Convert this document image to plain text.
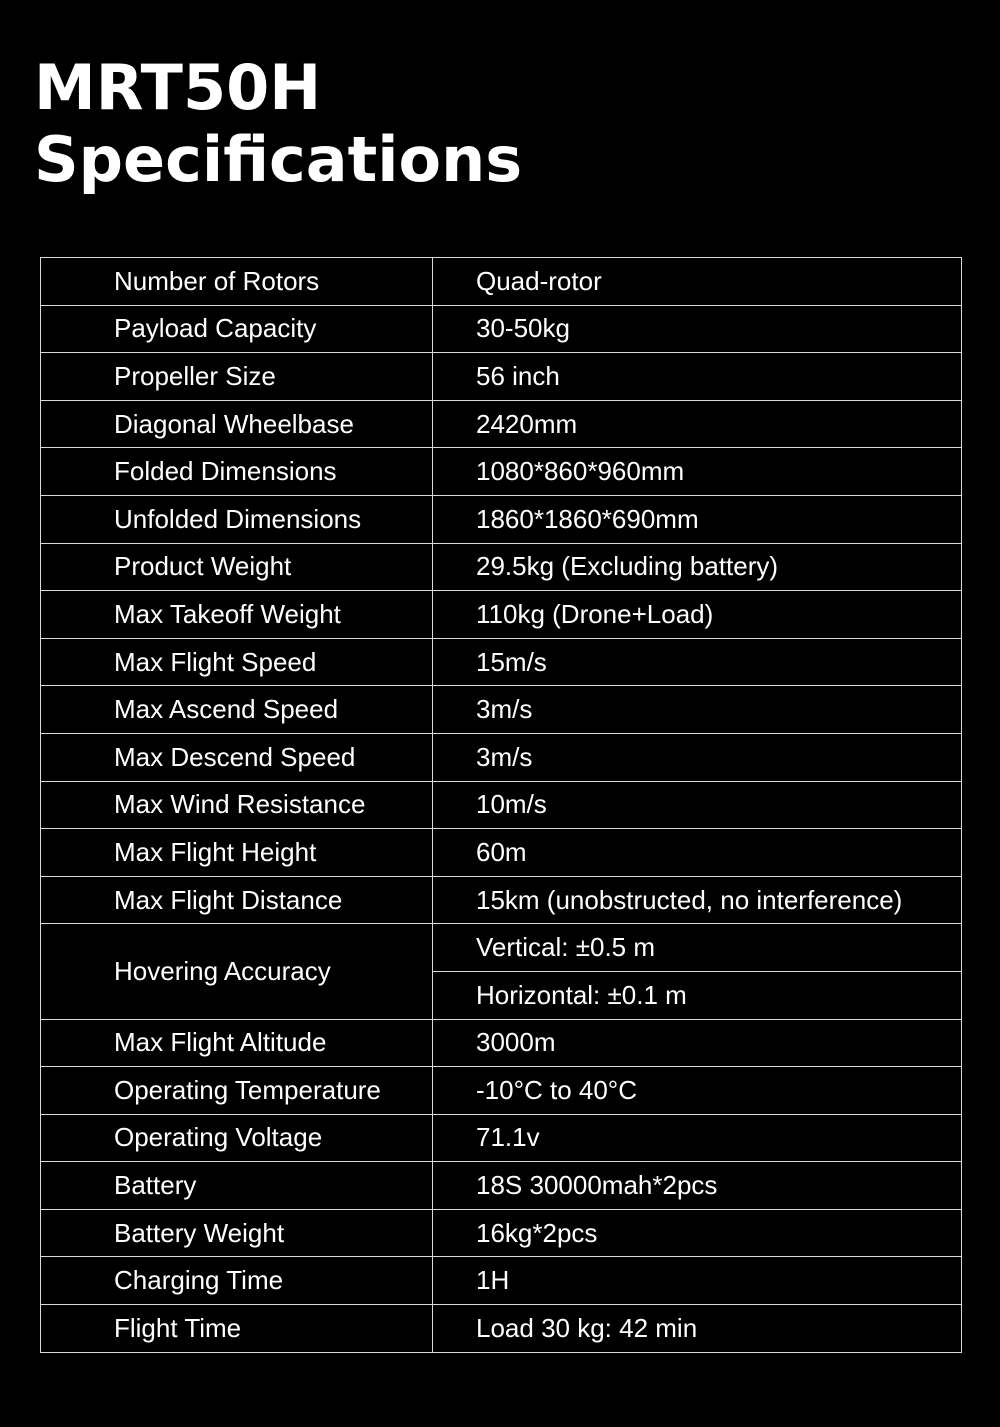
MRT50H
Specifications
Number of Rotors	Quad-rotor
Payload Capacity	30-50kg
Propeller Size	56 inch
Diagonal Wheelbase	2420mm
Folded Dimensions	1080*860*960mm
Unfolded Dimensions	1860*1860*690mm
Product Weight	29.5kg (Excluding battery)
Max Takeoff Weight	110kg (Drone+Load)
Max Flight Speed	15m/s
Max Ascend Speed	3m/s
Max Descend Speed	3m/s
Max Wind Resistance	10m/s
Max Flight Height	60m
Max Flight Distance	15km (unobstructed, no interference)
Hovering Accuracy	Vertical: ±0.5 m
	Horizontal: ±0.1 m
Max Flight Altitude	3000m
Operating Temperature	-10°C to 40°C
Operating Voltage	71.1v
Battery	18S 30000mah*2pcs
Battery Weight	16kg*2pcs
Charging Time	1H
Flight Time	Load 30 kg: 42 min
